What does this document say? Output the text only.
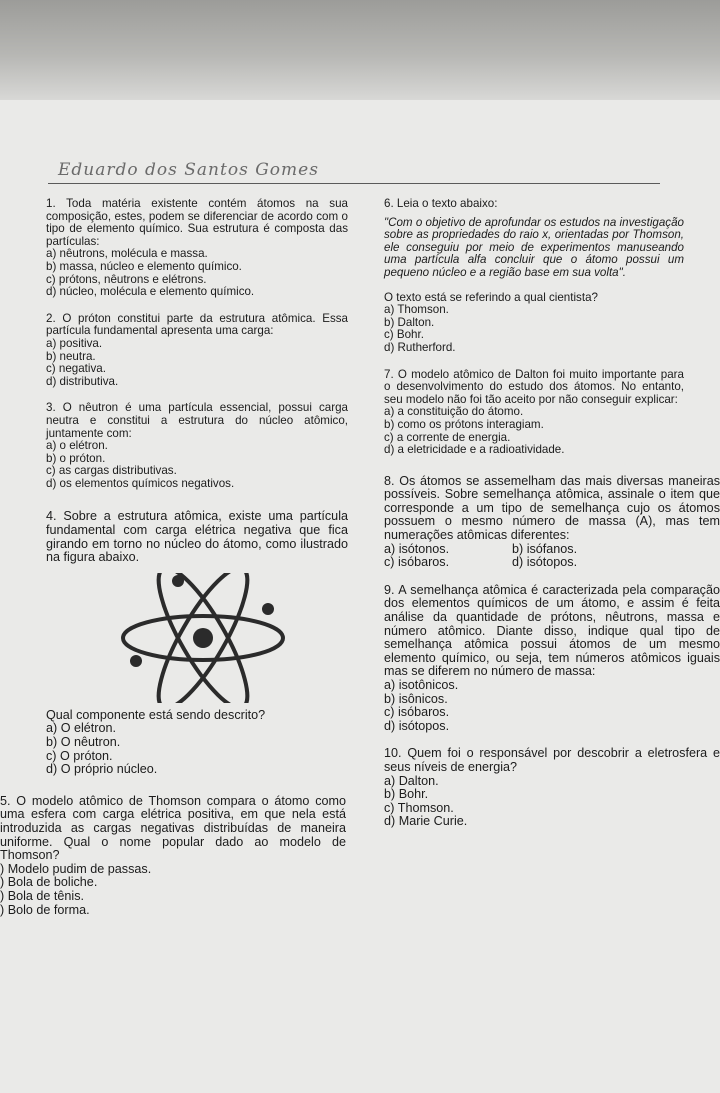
Eduardo dos Santos Gomes
1. Toda matéria existente contém átomos na sua composição, estes, podem se diferenciar de acordo com o tipo de elemento químico. Sua estrutura é composta das partículas:
a) nêutrons, molécula e massa.
b) massa, núcleo e elemento químico.
c) prótons, nêutrons e elétrons.
d) núcleo, molécula e elemento químico.
2. O próton constitui parte da estrutura atômica. Essa partícula fundamental apresenta uma carga:
a) positiva.
b) neutra.
c) negativa.
d) distributiva.
3. O nêutron é uma partícula essencial, possui carga neutra e constitui a estrutura do núcleo atômico, juntamente com:
a) o elétron.
b) o próton.
c) as cargas distributivas.
d) os elementos químicos negativos.
4. Sobre a estrutura atômica, existe uma partícula fundamental com carga elétrica negativa que fica girando em torno no núcleo do átomo, como ilustrado na figura abaixo.
Qual componente está sendo descrito?
a) O elétron.
b) O nêutron.
c) O próton.
d) O próprio núcleo.
5. O modelo atômico de Thomson compara o átomo como uma esfera com carga elétrica positiva, em que nela está introduzida as cargas negativas distribuídas de maneira uniforme. Qual o nome popular dado ao modelo de Thomson?
) Modelo pudim de passas.
) Bola de boliche.
) Bola de tênis.
) Bolo de forma.
6. Leia o texto abaixo:
"Com o objetivo de aprofundar os estudos na investigação sobre as propriedades do raio x, orientadas por Thomson, ele conseguiu por meio de experimentos manuseando uma partícula alfa concluir que o átomo possui um pequeno núcleo e a região base em sua volta".
O texto está se referindo a qual cientista?
a) Thomson.
b) Dalton.
c) Bohr.
d) Rutherford.
7. O modelo atômico de Dalton foi muito importante para o desenvolvimento do estudo dos átomos. No entanto, seu modelo não foi tão aceito por não conseguir explicar:
a) a constituição do átomo.
b) como os prótons interagiam.
c) a corrente de energia.
d) a eletricidade e a radioatividade.
8. Os átomos se assemelham das mais diversas maneiras possíveis. Sobre semelhança atômica, assinale o item que corresponde a um tipo de semelhança cujo os átomos possuem o mesmo número de massa (A), mas tem numerações atômicas diferentes:
a) isótonos.	b) isófanos.
c) isóbaros.	d) isótopos.
9. A semelhança atômica é caracterizada pela comparação dos elementos químicos de um átomo, e assim é feita análise da quantidade de prótons, nêutrons, massa e número atômico. Diante disso, indique qual tipo de semelhança atômica possui átomos de um mesmo elemento químico, ou seja, tem números atômicos iguais mas se diferem no número de massa:
a) isotônicos.
b) isônicos.
c) isóbaros.
d) isótopos.
10. Quem foi o responsável por descobrir a eletrosfera e seus níveis de energia?
a) Dalton.
b) Bohr.
c) Thomson.
d) Marie Curie.
